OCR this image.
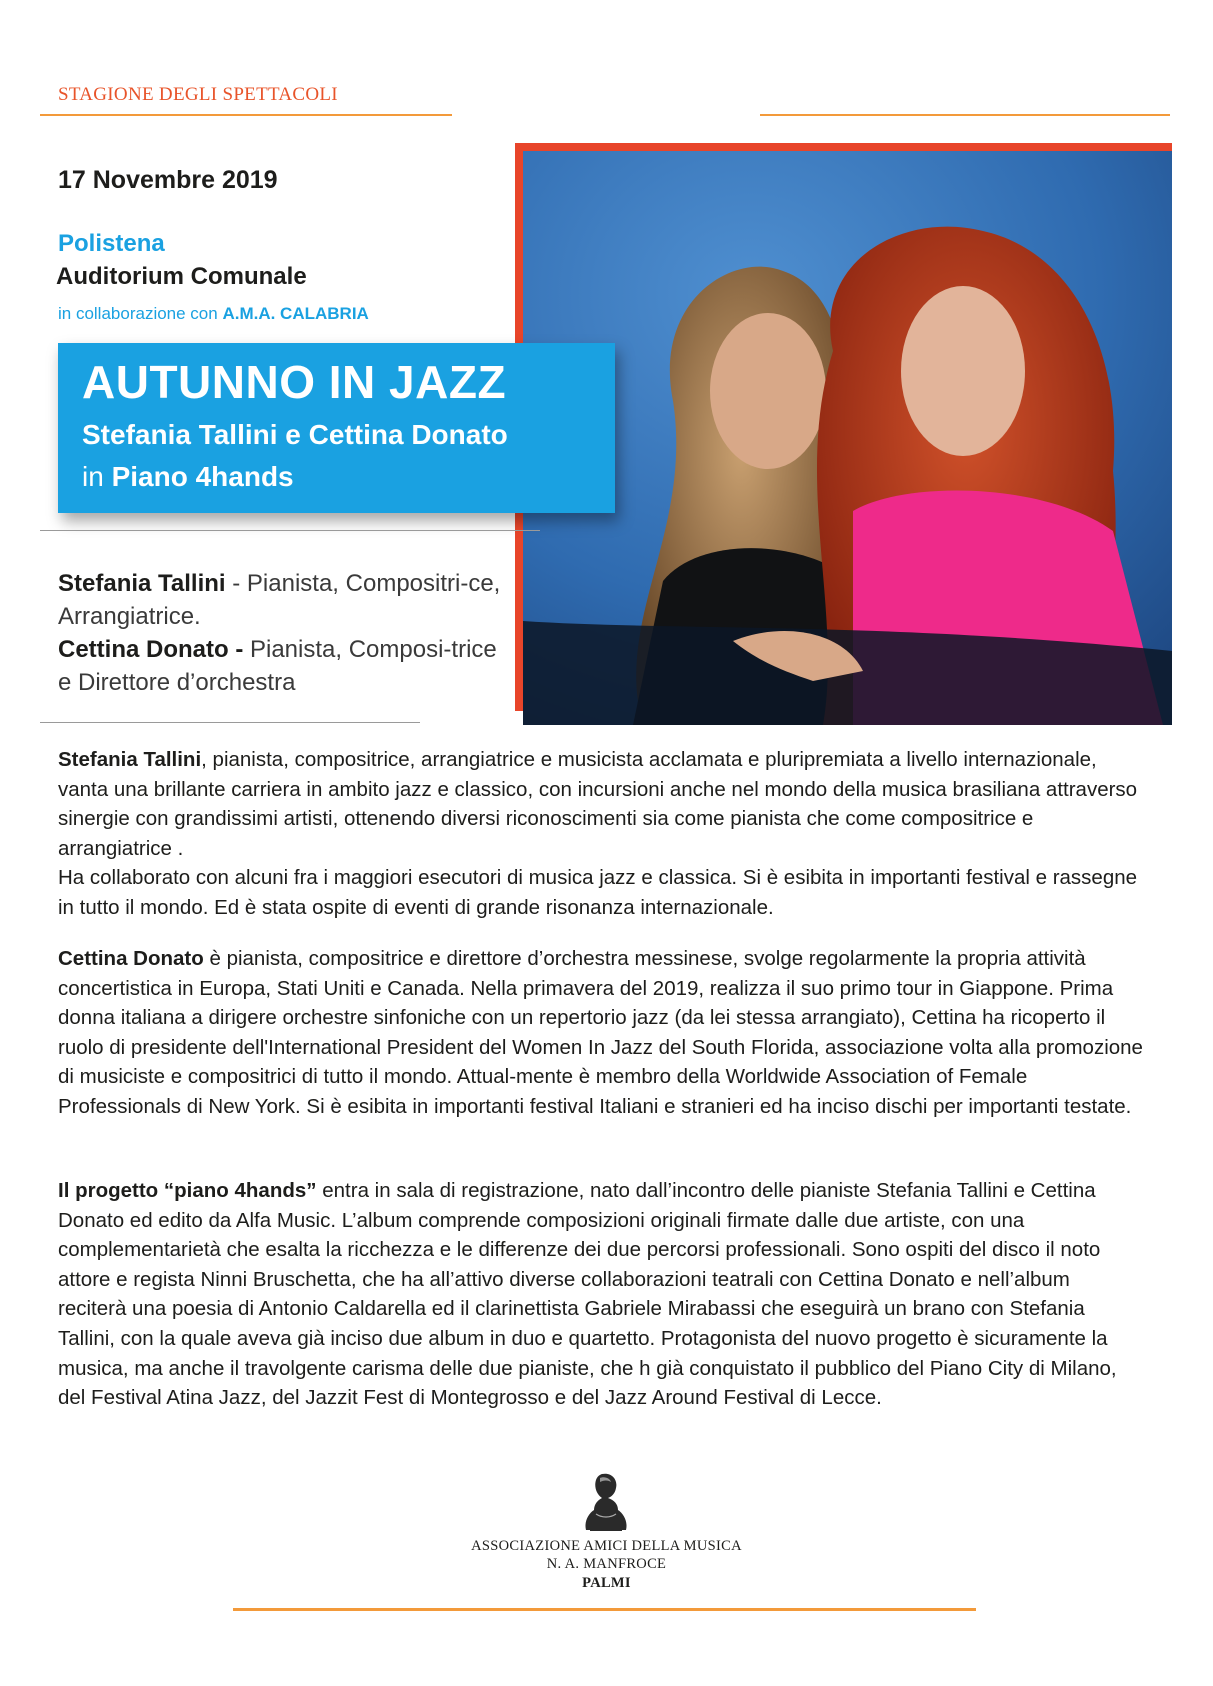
STAGIONE DEGLI SPETTACOLI
17 Novembre 2019
Polistena
Auditorium Comunale
in collaborazione con A.M.A. CALABRIA
AUTUNNO IN JAZZ
Stefania Tallini e Cettina Donato
in Piano 4hands
Stefania Tallini - Pianista, Compositri-ce, Arrangiatrice.
Cettina Donato - Pianista, Composi-trice e Direttore d’orchestra
Stefania Tallini, pianista, compositrice, arrangiatrice e musicista acclamata e pluripremiata a livello internazionale, vanta una brillante carriera in ambito jazz e classico, con incursioni anche nel mondo della musica brasiliana attraverso sinergie con grandissimi artisti, ottenendo diversi riconoscimenti sia come pianista che come compositrice e arrangiatrice .
Ha collaborato con alcuni fra i maggiori esecutori di musica jazz e classica. Si è esibita in importanti festival e rassegne in tutto il mondo. Ed è stata ospite di eventi di grande risonanza internazionale.
Cettina Donato è pianista, compositrice e direttore d’orchestra messinese, svolge regolarmente la propria attività concertistica in Europa, Stati Uniti e Canada. Nella primavera del 2019, realizza il suo primo tour in Giappone. Prima donna italiana a dirigere orchestre sinfoniche con un repertorio jazz (da lei stessa arrangiato), Cettina ha ricoperto il ruolo di presidente dell'International President del Women In Jazz del South Florida, associazione volta alla promozione di musiciste e compositrici di tutto il mondo. Attual-mente è membro della Worldwide Association of Female Professionals di New York. Si è esibita in importanti festival Italiani e stranieri ed ha inciso dischi per importanti testate.
Il progetto “piano 4hands” entra in sala di registrazione, nato dall’incontro delle pianiste Stefania Tallini e Cettina Donato ed edito da Alfa Music. L’album comprende composizioni originali firmate dalle due artiste, con una complementarietà che esalta la ricchezza e le differenze dei due percorsi professionali. Sono ospiti del disco il noto attore e regista Ninni Bruschetta, che ha all’attivo diverse collaborazioni teatrali con Cettina Donato e nell’album reciterà una poesia di Antonio Caldarella ed il clarinettista Gabriele Mirabassi che eseguirà un brano con Stefania Tallini, con la quale aveva già inciso due album in duo e quartetto. Protagonista del nuovo progetto è sicuramente la musica, ma anche il travolgente carisma delle due pianiste, che h già conquistato il pubblico del Piano City di Milano, del Festival Atina Jazz, del Jazzit Fest di Montegrosso e del Jazz Around Festival di Lecce.
ASSOCIAZIONE AMICI DELLA MUSICA
N. A. MANFROCE
PALMI
